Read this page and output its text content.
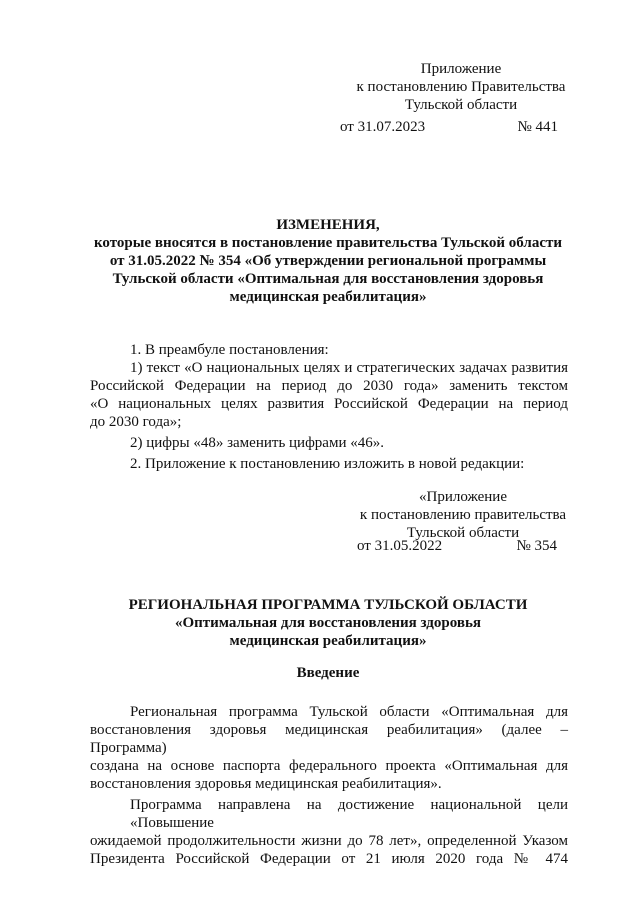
Приложение
к постановлению Правительства
Тульской области
от 31.07.2023	№ 441
ИЗМЕНЕНИЯ,
которые вносятся в постановление правительства Тульской области
от 31.05.2022 № 354 «Об утверждении региональной программы
Тульской области «Оптимальная для восстановления здоровья
медицинская реабилитация»
1. В преамбуле постановления:
1) текст «О национальных целях и стратегических задачах развития
Российской Федерации на период до 2030 года» заменить текстом
«О национальных целях развития Российской Федерации на период
до 2030 года»;
2) цифры «48» заменить цифрами «46».
2. Приложение к постановлению изложить в новой редакции:
«Приложение
к постановлению правительства
Тульской области
от 31.05.2022	№ 354
РЕГИОНАЛЬНАЯ ПРОГРАММА ТУЛЬСКОЙ ОБЛАСТИ
«Оптимальная для восстановления здоровья
медицинская реабилитация»
Введение
Региональная программа Тульской области «Оптимальная для
восстановления здоровья медицинская реабилитация» (далее – Программа)
создана на основе паспорта федерального проекта «Оптимальная для
восстановления здоровья медицинская реабилитация».
Программа направлена на достижение национальной цели «Повышение
ожидаемой продолжительности жизни до 78 лет», определенной Указом
Президента Российской Федерации от 21 июля 2020 года № 474
